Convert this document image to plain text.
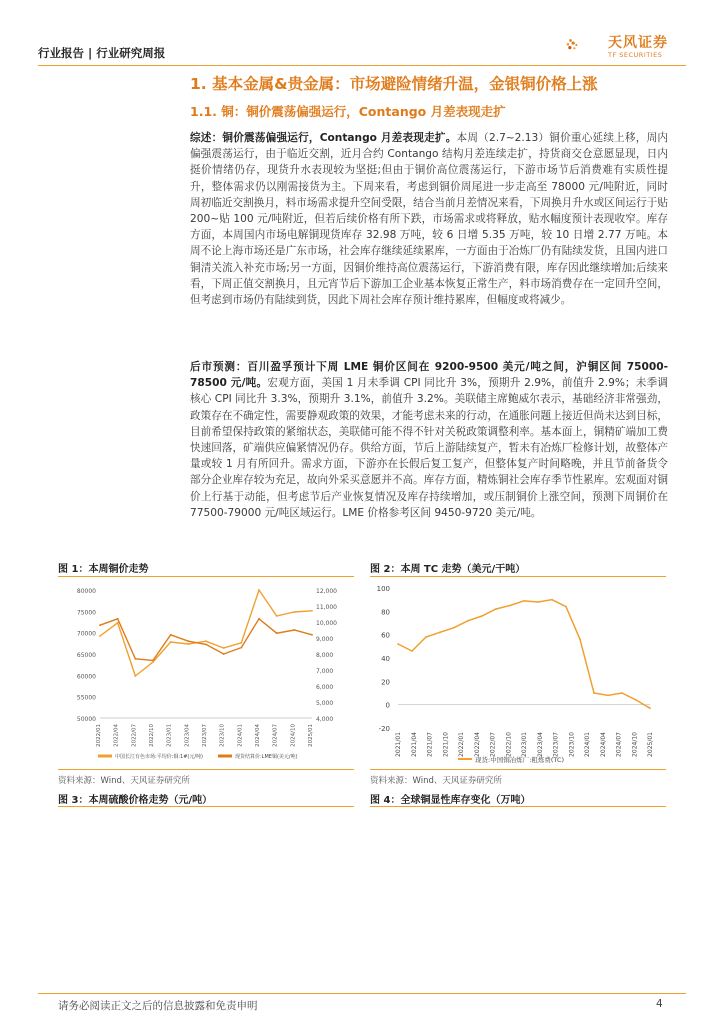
行业报告 | 行业研究周报
天风证券
TF SECURITIES
1. 基本金属&贵金属：市场避险情绪升温，金银铜价格上涨
1.1. 铜：铜价震荡偏强运行，Contango 月差表现走扩
综述：铜价震荡偏强运行，Contango 月差表现走扩。本周（2.7~2.13）铜价重心延续上移，周内偏强震荡运行，由于临近交割，近月合约 Contango 结构月差连续走扩，持货商交仓意愿显现，日内挺价情绪仍存，现货升水表现较为坚挺;但由于铜价高位震荡运行，下游市场节后消费难有实质性提升，整体需求仍以刚需接货为主。下周来看，考虑到铜价周尾进一步走高至 78000 元/吨附近，同时周初临近交割换月，料市场需求提升空间受限，结合当前月差情况来看，下周换月升水或区间运行于贴 200~贴 100 元/吨附近，但若后续价格有所下跌，市场需求或将释放，贴水幅度预计表现收窄。库存方面，本周国内市场电解铜现货库存 32.98 万吨，较 6 日增 5.35 万吨，较 10 日增 2.77 万吨。本周不论上海市场还是广东市场，社会库存继续延续累库，一方面由于冶炼厂仍有陆续发货，且国内进口铜清关流入补充市场;另一方面，因铜价维持高位震荡运行，下游消费有限，库存因此继续增加;后续来看，下周正值交割换月，且元宵节后下游加工企业基本恢复正常生产，料市场消费存在一定回升空间，但考虑到市场仍有陆续到货，因此下周社会库存预计维持累库，但幅度或将减少。
后市预测：百川盈孚预计下周 LME 铜价区间在 9200-9500 美元/吨之间，沪铜区间 75000-78500 元/吨。宏观方面，美国 1 月未季调 CPI 同比升 3%，预期升 2.9%，前值升 2.9%；未季调核心 CPI 同比升 3.3%，预期升 3.1%，前值升 3.2%。美联储主席鲍威尔表示，基础经济非常强劲，政策存在不确定性，需要静观政策的效果，才能考虑未来的行动，在通胀问题上接近但尚未达到目标，目前希望保持政策的紧缩状态，美联储可能不得不针对关税政策调整利率。基本面上，铜精矿端加工费快速回落，矿端供应偏紧情况仍存。供给方面，节后上游陆续复产，暂未有冶炼厂检修计划，故整体产量或较 1 月有所回升。需求方面，下游亦在长假后复工复产，但整体复产时间略晚，并且节前备货令部分企业库存较为充足，故向外采买意愿并不高。库存方面，精炼铜社会库存季节性累库。宏观面对铜价上行基于动能，但考虑节后产业恢复情况及库存持续增加，或压制铜价上涨空间，预测下周铜价在 77500-79000 元/吨区域运行。LME 价格参考区间 9450-9720 美元/吨。
图 1：本周铜价走势
80000
75000
70000
65000
60000
55000
50000
12,000
11,000
10,000
9,000
8,000
7,000
6,000
5,000
4,000
2022/01 2022/04 2022/07 2022/10 2023/01 2023/04 2023/07 2023/10 2024/01 2024/04 2024/07 2024/10 2025/01
中国长江有色市场:平均价:铜:1#(元/吨)	现货结算价:LME铜(美元/吨)
图 2：本周 TC 走势（美元/干吨）
100
80
60
40
20
0
-20
2021/01 2021/04 2021/07 2021/10 2022/01 2022/04 2022/07 2022/10 2023/01 2023/04 2023/07 2023/10 2024/01 2024/04 2024/07 2024/10 2025/01
现货:中国铜冶炼厂:粗炼费(TC)
资料来源：Wind、天风证券研究所	资料来源：Wind、天风证券研究所
图 3：本周硫酸价格走势（元/吨）	图 4：全球铜显性库存变化（万吨）
请务必阅读正文之后的信息披露和免责申明	4
